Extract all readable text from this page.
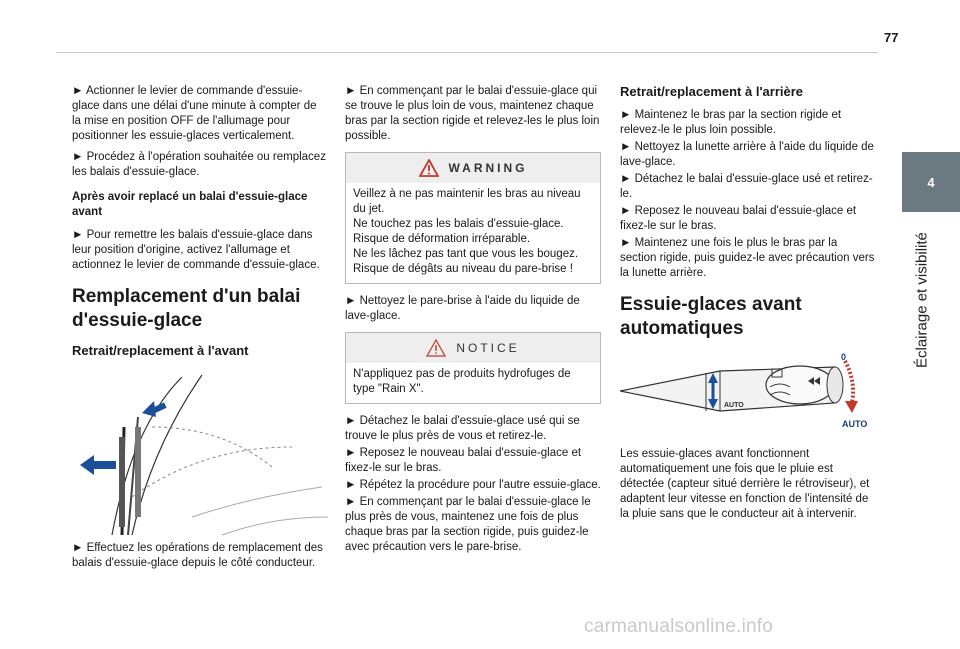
77
4
Éclairage et visibilité

► Actionner le levier de commande d'essuie-glace dans une délai d'une minute à compter de la mise en position OFF de l'allumage pour positionner les essuie-glaces verticalement.

► Procédez à l'opération souhaitée ou remplacez les balais d'essuie-glace.

Après avoir replacé un balai d'essuie-glace avant

► Pour remettre les balais d'essuie-glace dans leur position d'origine, activez l'allumage et actionnez le levier de commande d'essuie-glace.

Remplacement d'un balai d'essuie-glace
Retrait/replacement à l'avant

► Effectuez les opérations de remplacement des balais d'essuie-glace depuis le côté conducteur.

► En commençant par le balai d'essuie-glace qui se trouve le plus loin de vous, maintenez chaque bras par la section rigide et relevez-les le plus loin possible.

WARNING
Veillez à ne pas maintenir les bras au niveau du jet.
Ne touchez pas les balais d'essuie-glace.
Risque de déformation irréparable.
Ne les lâchez pas tant que vous les bougez.
Risque de dégâts au niveau du pare-brise !

► Nettoyez le pare-brise à l'aide du liquide de lave-glace.

NOTICE
N'appliquez pas de produits hydrofuges de type "Rain X".

► Détachez le balai d'essuie-glace usé qui se trouve le plus près de vous et retirez-le.

► Reposez le nouveau balai d'essuie-glace et fixez-le sur le bras.

► Répétez la procédure pour l'autre essuie-glace.

► En commençant par le balai d'essuie-glace le plus près de vous, maintenez une fois de plus chaque bras par la section rigide, puis guidez-le avec précaution vers le pare-brise.

Retrait/replacement à l'arrière

► Maintenez le bras par la section rigide et relevez-le le plus loin possible.

► Nettoyez la lunette arrière à l'aide du liquide de lave-glace.

► Détachez le balai d'essuie-glace usé et retirez-le.

► Reposez le nouveau balai d'essuie-glace et fixez-le sur le bras.

► Maintenez une fois le plus le bras par la section rigide, puis guidez-le avec précaution vers la lunette arrière.

Essuie-glaces avant automatiques
AUTO
0
AUTO

Les essuie-glaces avant fonctionnent automatiquement une fois que le pluie est détectée (capteur situé derrière le rétroviseur), et adaptent leur vitesse en fonction de l'intensité de la pluie sans que le conducteur ait à intervenir.

carmanualsonline.info
